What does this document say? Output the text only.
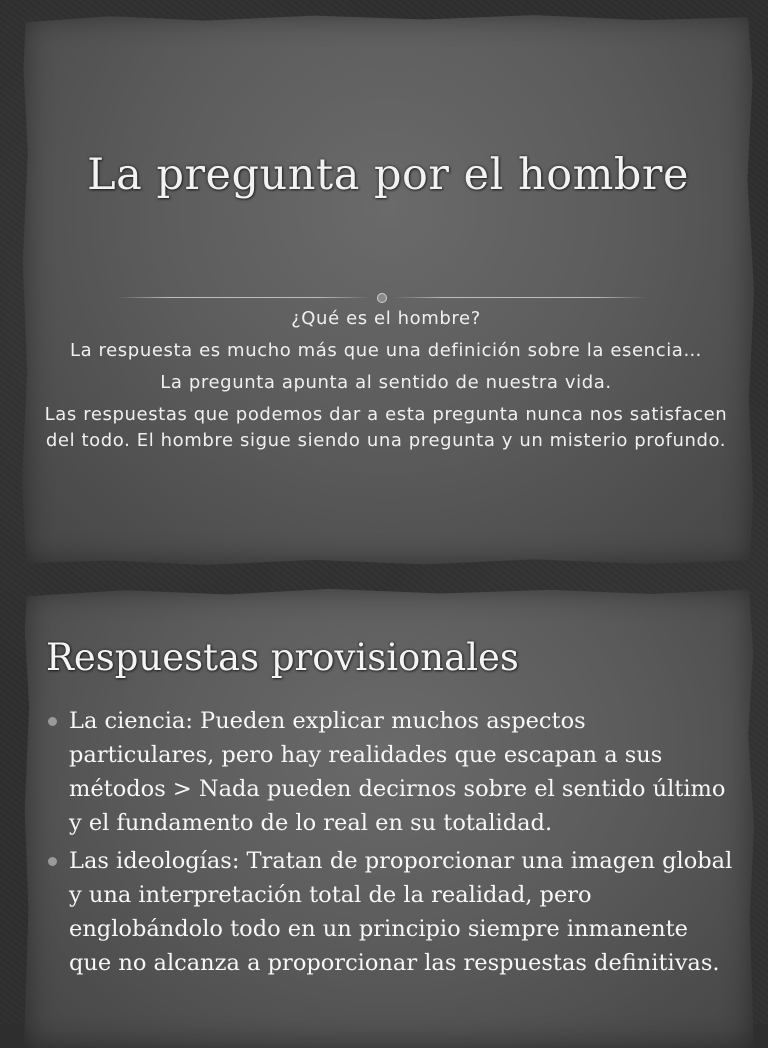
La pregunta por el hombre

¿Qué es el hombre?

La respuesta es mucho más que una definición sobre la esencia…

La pregunta apunta al sentido de nuestra vida.

Las respuestas que podemos dar a esta pregunta nunca nos satisfacen del todo. El hombre sigue siendo una pregunta y un misterio profundo.

Respuestas provisionales
La ciencia: Pueden explicar muchos aspectos particulares, pero hay realidades que escapan a sus métodos > Nada pueden decirnos sobre el sentido último y el fundamento de lo real en su totalidad.
Las ideologías: Tratan de proporcionar una imagen global y una interpretación total de la realidad, pero englobándolo todo en un principio siempre inmanente que no alcanza a proporcionar las respuestas definitivas.
